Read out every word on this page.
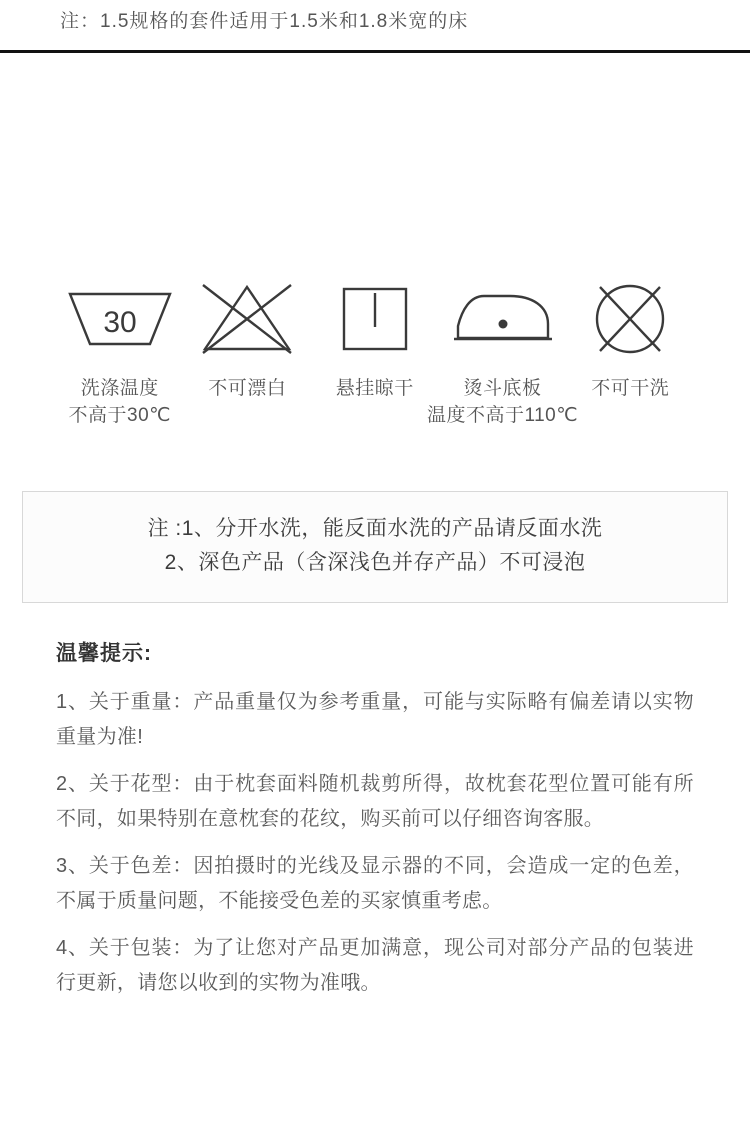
注：1.5规格的套件适用于1.5米和1.8米宽的床
30
洗涤温度
不高于30℃
不可漂白	悬挂晾干	烫斗底板
温度不高于110℃
不可干洗
注 :1、分开水洗，能反面水洗的产品请反面水洗
2、深色产品（含深浅色并存产品）不可浸泡
温馨提示:
1、关于重量：产品重量仅为参考重量，可能与实际略有偏差请以实物重量为准!
2、关于花型：由于枕套面料随机裁剪所得，故枕套花型位置可能有所不同，如果特别在意枕套的花纹，购买前可以仔细咨询客服。
3、关于色差：因拍摄时的光线及显示器的不同，会造成一定的色差，不属于质量问题，不能接受色差的买家慎重考虑。
4、关于包装：为了让您对产品更加满意，现公司对部分产品的包装进行更新，请您以收到的实物为准哦。
